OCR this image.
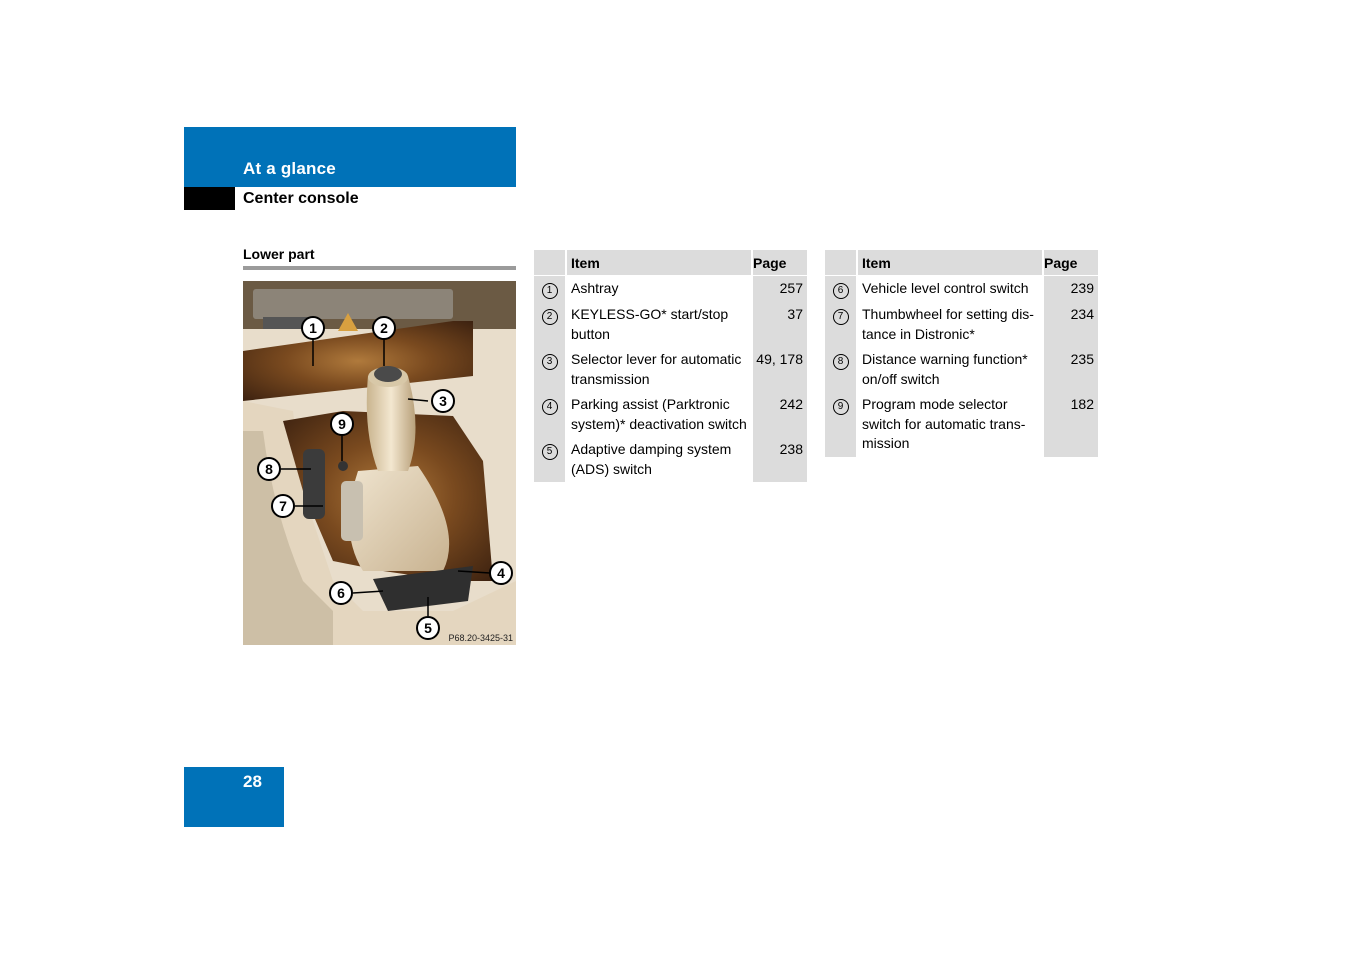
At a glance
Center console
Lower part
1	2
3
4
5
6
7
8
9
P68.20-3425-31
	Item	Page
1	Ashtray	257
2	KEYLESS-GO* start/stop button	37
3	Selector lever for automatic transmission	49, 178
4	Parking assist (Parktronic system)* deactivation switch	242
5	Adaptive damping system (ADS) switch	238
	Item	Page
6	Vehicle level control switch	239
7	Thumbwheel for setting dis-tance in Distronic*	234
8	Distance warning function* on/off switch	235
9	Program mode selector switch for automatic trans-mission	182
28
